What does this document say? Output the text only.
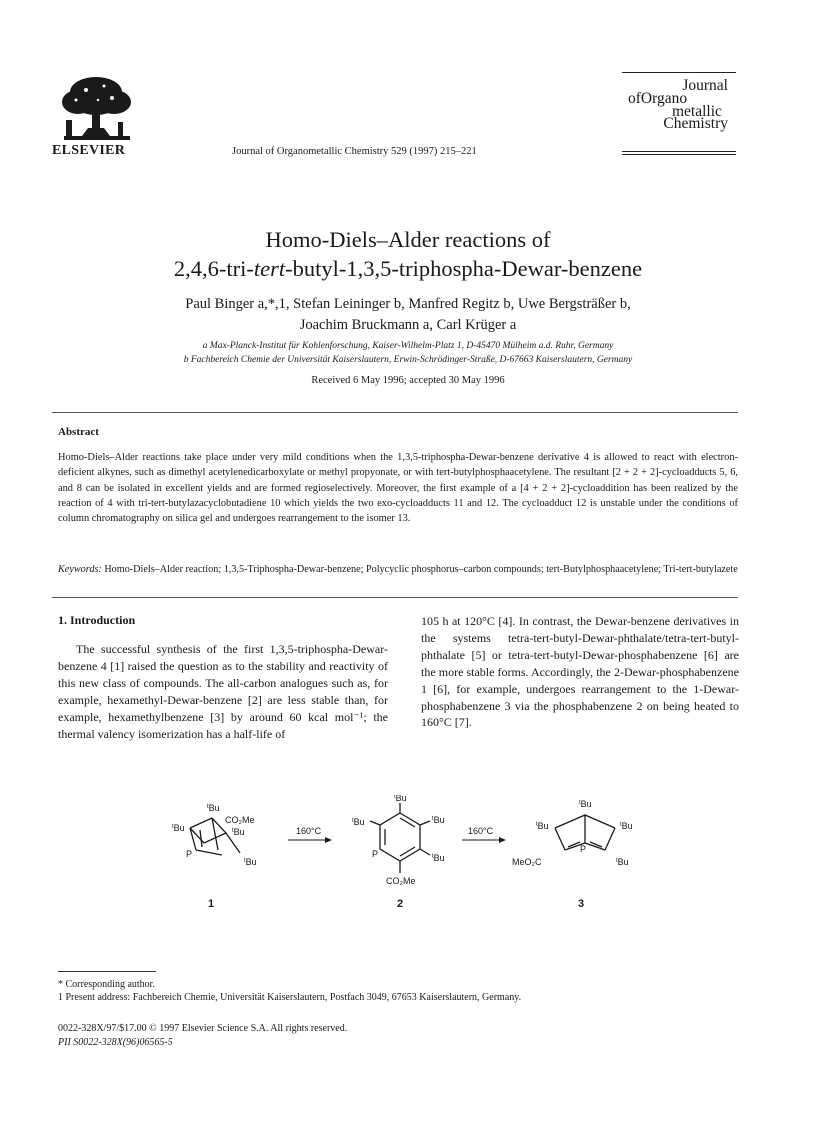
ELSEVIER	Journal of Organometallic Chemistry 529 (1997) 215–221
Journal
ofOrgano
metallic
Chemistry
Homo-Diels–Alder reactions of
2,4,6-tri-tert-butyl-1,3,5-triphospha-Dewar-benzene
Paul Binger a,*,1, Stefan Leininger b, Manfred Regitz b, Uwe Bergsträßer b,
Joachim Bruckmann a, Carl Krüger a
a Max-Planck-Institut für Kohlenforschung, Kaiser-Wilhelm-Platz 1, D-45470 Mülheim a.d. Ruhr, Germany
b Fachbereich Chemie der Universität Kaiserslautern, Erwin-Schrödinger-Straße, D-67663 Kaiserslautern, Germany
Received 6 May 1996; accepted 30 May 1996
Abstract
Homo-Diels–Alder reactions take place under very mild conditions when the 1,3,5-triphospha-Dewar-benzene derivative 4 is allowed to react with electron-deficient alkynes, such as dimethyl acetylenedicarboxylate or methyl propyonate, or with tert-butylphosphaacetylene. The resultant [2 + 2 + 2]-cycloadducts 5, 6, and 8 can be isolated in excellent yields and are formed regioselectively. Moreover, the first example of a [4 + 2 + 2]-cycloaddition has been realized by the reaction of 4 with tri-tert-butylazacyclobutadiene 10 which yields the two exo-cycloadducts 11 and 12. The cycloadduct 12 is unstable under the conditions of column chromatography on silica gel and undergoes rearrangement to the isomer 13.
Keywords: Homo-Diels–Alder reaction; 1,3,5-Triphospha-Dewar-benzene; Polycyclic phosphorus–carbon compounds; tert-Butylphosphaacetylene; Tri-tert-butylazete
1. Introduction

The successful synthesis of the first 1,3,5-triphospha-Dewar-benzene 4 [1] raised the question as to the stability and reactivity of this new class of compounds. The all-carbon analogues such as, for example, hexamethyl-Dewar-benzene [2] are less stable than, for example, hexamethylbenzene [3] by around 60 kcal mol⁻¹; the thermal valency isomerization has a half-life of

105 h at 120°C [4]. In contrast, the Dewar-benzene derivatives in the systems tetra-tert-butyl-Dewar-phthalate/tetra-tert-butyl-phthalate [5] or tetra-tert-butyl-Dewar-phosphabenzene [6] are the more stable forms. Accordingly, the 2-Dewar-phosphabenzene 1 [6], for example, undergoes rearrangement to the 1-Dewar-phosphabenzene 3 via the phosphabenzene 2 on being heated to 160°C [7].

$^t$Bu
CO₂Me
$^t$Bu	$^t$Bu
P
$^t$Bu
160°C
$^t$Bu
$^t$Bu
$^t$Bu
P	$^t$Bu
CO₂Me
160°C
$^t$Bu
$^t$Bu	$^t$Bu
P
MeO₂C	$^t$Bu
1	2	3
* Corresponding author.
1 Present address: Fachbereich Chemie, Universität Kaiserslautern, Postfach 3049, 67653 Kaiserslautern, Germany.
0022-328X/97/$17.00 © 1997 Elsevier Science S.A. All rights reserved.
PII S0022-328X(96)06565-5
